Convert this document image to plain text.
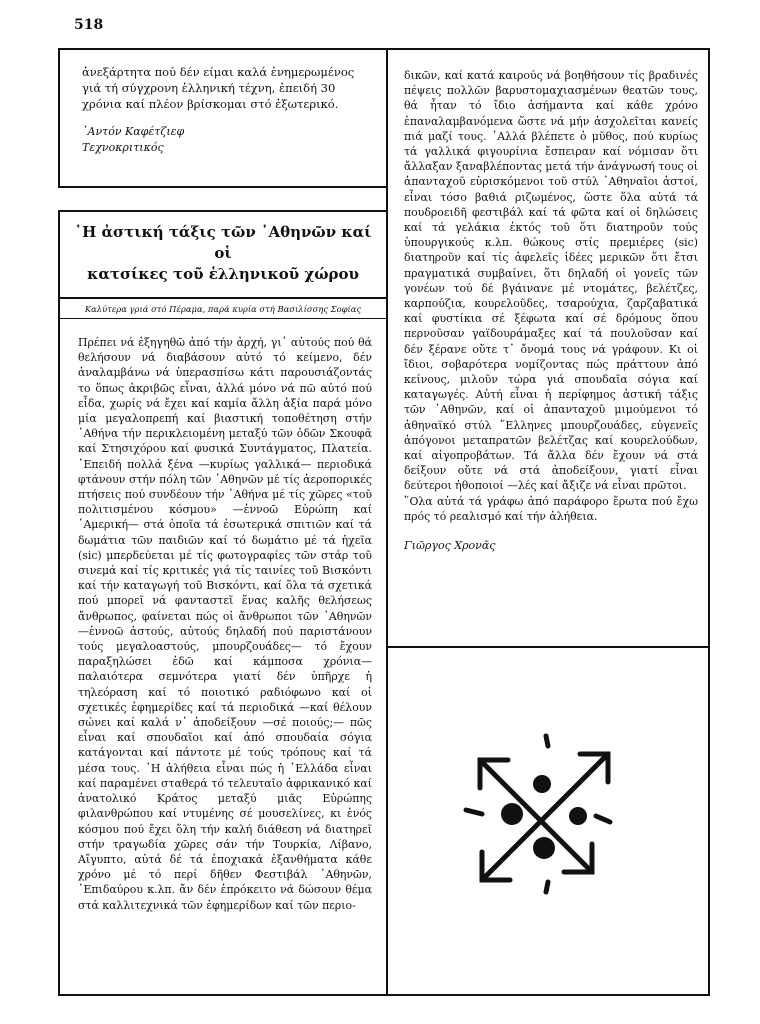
518

ἀνεξάρτητα πού δέν είμαι καλά ἐνημερωμένος γιά τή σύγχρονη ἑλληνική τέχνη, ἐπειδή 30 χρόνια καί πλέον βρίσκομαι στό ἐξωτερικό.

᾿Αντόν Καφέτζιεφ
Τεχνοκριτικός
῾Η ἀστική τάξις τῶν ᾿Αθηνῶν καί οἱ
κατσίκες τοῦ ἑλληνικοῦ χώρου
Καλύτερα γριά στό Πέραμα, παρά κυρία στή Βασιλίσσης Σοφίας
Πρέπει νά ἐξηγηθῶ ἀπό τήν ἀρχή, γι᾿ αὐτούς πού θά θελήσουν νά διαβάσουν αὐτό τό κείμενο, δέν ἀναλαμβάνω νά ὑπερασπίσω κάτι παρουσιάζοντάς το ὅπως ἀκριβῶς εἶναι, ἀλλά μόνο νά πῶ αὐτό πού εἶδα, χωρίς νά ἔχει καί καμία ἄλλη ἀξία παρά μόνο μία μεγαλοπρεπή καί βιαστική τοποθέτηση στήν ᾿Αθήνα τήν περικλειομένη μεταξύ τῶν ὁδῶν Σκουφᾶ καί Στησιχόρου καί φυσικά Συντάγματος, Πλατεία. ᾿Επειδή πολλά ξένα —κυρίως γαλλικά— περιοδικά φτάνουν στήν πόλη τῶν ᾿Αθηνῶν μέ τίς ἀεροπορικές πτήσεις πού συνδέουν τήν ᾿Αθήνα μέ τίς χῶρες «τοῦ πολιτισμένου κόσμου» —ἐννοῶ Εὐρώπη καί ᾿Αμερική— στά ὁποῖα τά ἐσωτερικά σπιτιῶν καί τά δωμάτια τῶν παιδιῶν καί τό δωμάτιο μέ τά ἠχεῖα (sic) μπερδεύεται μέ τίς φωτογραφίες τῶν στάρ τοῦ σινεμά καί τίς κριτικές γιά τίς ταινίες τοῦ Βισκόντι καί τήν καταγωγή τοῦ Βισκόντι, καί ὅλα τά σχετικά πού μπορεῖ νά φανταστεῖ ἕνας καλῆς θελήσεως ἄνθρωπος, φαίνεται πώς οἱ ἄνθρωποι τῶν ᾿Αθηνῶν —ἐννοῶ ἀστούς, αὐτούς δηλαδή πού παριστάνουν τούς μεγαλοαστούς, μπουρζουάδες— τό ἔχουν παραξηλώσει ἐδῶ καί κάμποσα χρόνια— παλαιότερα σεμνότερα γιατί δέν ὑπῆρχε ἡ τηλεόραση καί τό ποιοτικό ραδιόφωνο καί οἱ σχετικές ἐφημερίδες καί τά περιοδικά —καί θέλουν σώνει καί καλά ν᾿ ἀποδείξουν —σέ ποιούς;— πῶς εἶναι καί σπουδαῖοι καί ἀπό σπουδαία σόγια κατάγονται καί πάντοτε μέ τούς τρόπους καί τά μέσα τους. ῾Η ἀλήθεια εἶναι πώς ἡ ῾Ελλάδα εἶναι καί παραμένει σταθερά τό τελευταῖο ἀφρικανικό καί ἀνατολικό Κράτος μεταξύ μιᾶς Εὐρώπης φιλανθρώπου καί ντυμένης σέ μουσελίνες, κι ἑνός κόσμου πού ἔχει ὅλη τήν καλή διάθεση νά διατηρεῖ στήν τραγωδία χῶρες σάν τήν Τουρκία, Λίβανο, Αἴγυπτο, αὐτά δέ τά ἐποχιακά ἐξανθήματα κάθε χρόνο μέ τό περί δῆθεν Φεστιβάλ ᾿Αθηνῶν, ᾿Επιδαύρου κ.λπ. ἄν δέν ἐπρόκειτο νά δώσουν θέμα στά καλλιτεχνικά τῶν ἐφημερίδων καί τῶν περιο-

δικῶν, καί κατά καιρούς νά βοηθήσουν τίς βραδινές πέψεις πολλῶν βαρυστομαχιασμένων θεατῶν τους, θά ἦταν τό ἴδιο ἀσήμαντα καί κάθε χρόνο ἐπαναλαμβανόμενα ὥστε νά μήν ἀσχολεῖται κανείς πιά μαζί τους. ᾿Αλλά βλέπετε ὁ μῦθος, πού κυρίως τά γαλλικά φιγουρίνια ἔσπειραν καί νόμισαν ὅτι ἄλλαξαν ξαναβλέποντας μετά τήν ἀνάγνωσή τους οἱ ἀπανταχοῦ εὑρισκόμενοι τοῦ στύλ ᾿Αθηναῖοι ἀστοί, εἶναι τόσο βαθιά ριζωμένος, ὥστε ὅλα αὐτά τά πουδροειδῆ φεστιβάλ καί τά φῶτα καί οἱ δηλώσεις καί τά γελάκια ἐκτός τοῦ ὅτι διατηροῦν τούς ὑπουργικούς κ.λπ. θώκους στίς πρεμιέρες (sic) διατηροῦν καί τίς ἀφελεῖς ἰδέες μερικῶν ὅτι ἔτσι πραγματικά συμβαίνει, ὅτι δηλαδή οἱ γονεῖς τῶν γονέων τού δέ βγάινανε μέ ντομάτες, βελέτζες, καρπούζια, κουρελοῦδες, τσαρούχια, ζαρζαβατικά καί φυστίκια σέ ξέφωτα καί σέ δρόμους ὅπου περνοῦσαν γαϊδουράμαξες καί τά πουλοῦσαν καί δέν ξέρανε οὔτε τ᾿ ὄνομά τους νά γράφουν. Κι οἱ ἴδιοι, σοβαρότερα νομίζοντας πώς πράττουν ἀπό κείνους, μιλοῦν τώρα γιά σπουδαῖα σόγια καί καταγωγές. Αὐτή εἶναι ἡ περίφημος ἀστική τάξις τῶν ᾿Αθηνῶν, καί οἱ ἀπανταχοῦ μιμούμενοι τό ἀθηναϊκό στύλ ῞Ελληνες μπουρζουάδες, εὐγενεῖς ἀπόγονοι μεταπρατῶν βελέτζας καί κουρελούδων, καί αἰγοπροβάτων. Τά ἄλλα δέν ἔχουν νά στά δείξουν οὔτε νά στά ἀποδείξουν, γιατί εἶναι δεύτεροι ἠθοποιοί —λές καί ἄξιζε νά εἶναι πρῶτοι.

῞Ολα αὐτά τά γράφω ἀπό παράφορο ἔρωτα πού ἔχω πρός τό ρεαλισμό καί τήν ἀλήθεια.

Γιῶργος Χρονᾶς
